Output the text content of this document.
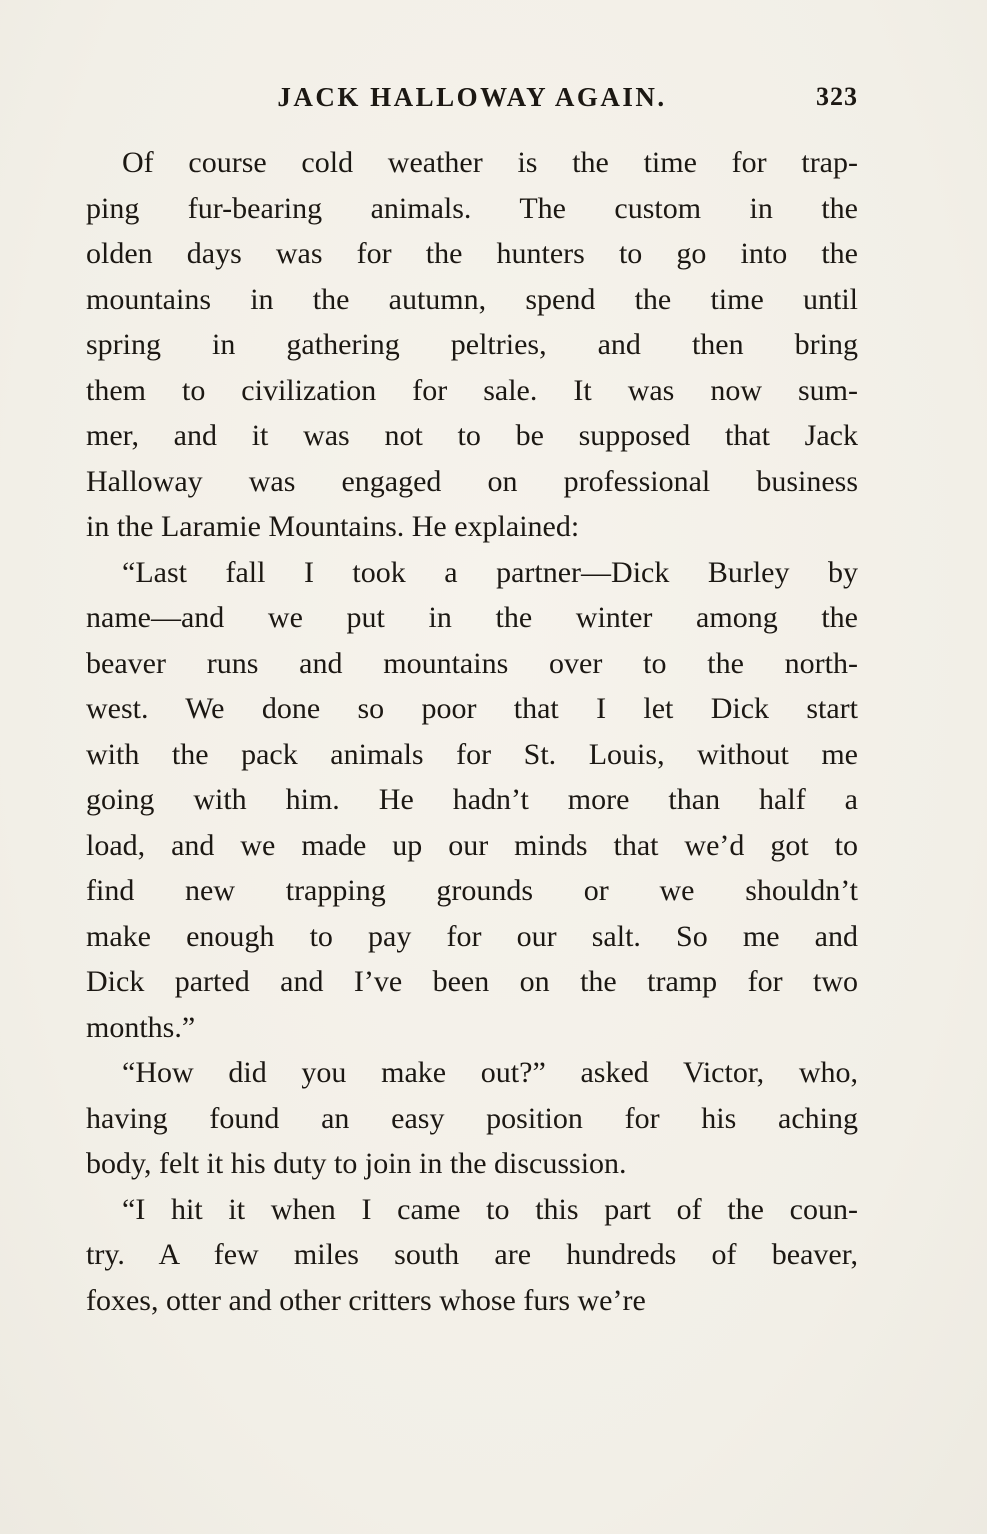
JACK HALLOWAY AGAIN.	323
Of course cold weather is the time for trap-
ping fur-bearing animals. The custom in the
olden days was for the hunters to go into the
mountains in the autumn, spend the time until
spring in gathering peltries, and then bring
them to civilization for sale. It was now sum-
mer, and it was not to be supposed that Jack
Halloway was engaged on professional business
in the Laramie Mountains. He explained:
“Last fall I took a partner—Dick Burley by
name—and we put in the winter among the
beaver runs and mountains over to the north-
west. We done so poor that I let Dick start
with the pack animals for St. Louis, without me
going with him. He hadn’t more than half a
load, and we made up our minds that we’d got to
find new trapping grounds or we shouldn’t
make enough to pay for our salt. So me and
Dick parted and I’ve been on the tramp for two
months.”
“How did you make out?” asked Victor, who,
having found an easy position for his aching
body, felt it his duty to join in the discussion.
“I hit it when I came to this part of the coun-
try. A few miles south are hundreds of beaver,
foxes, otter and other critters whose furs we’re
